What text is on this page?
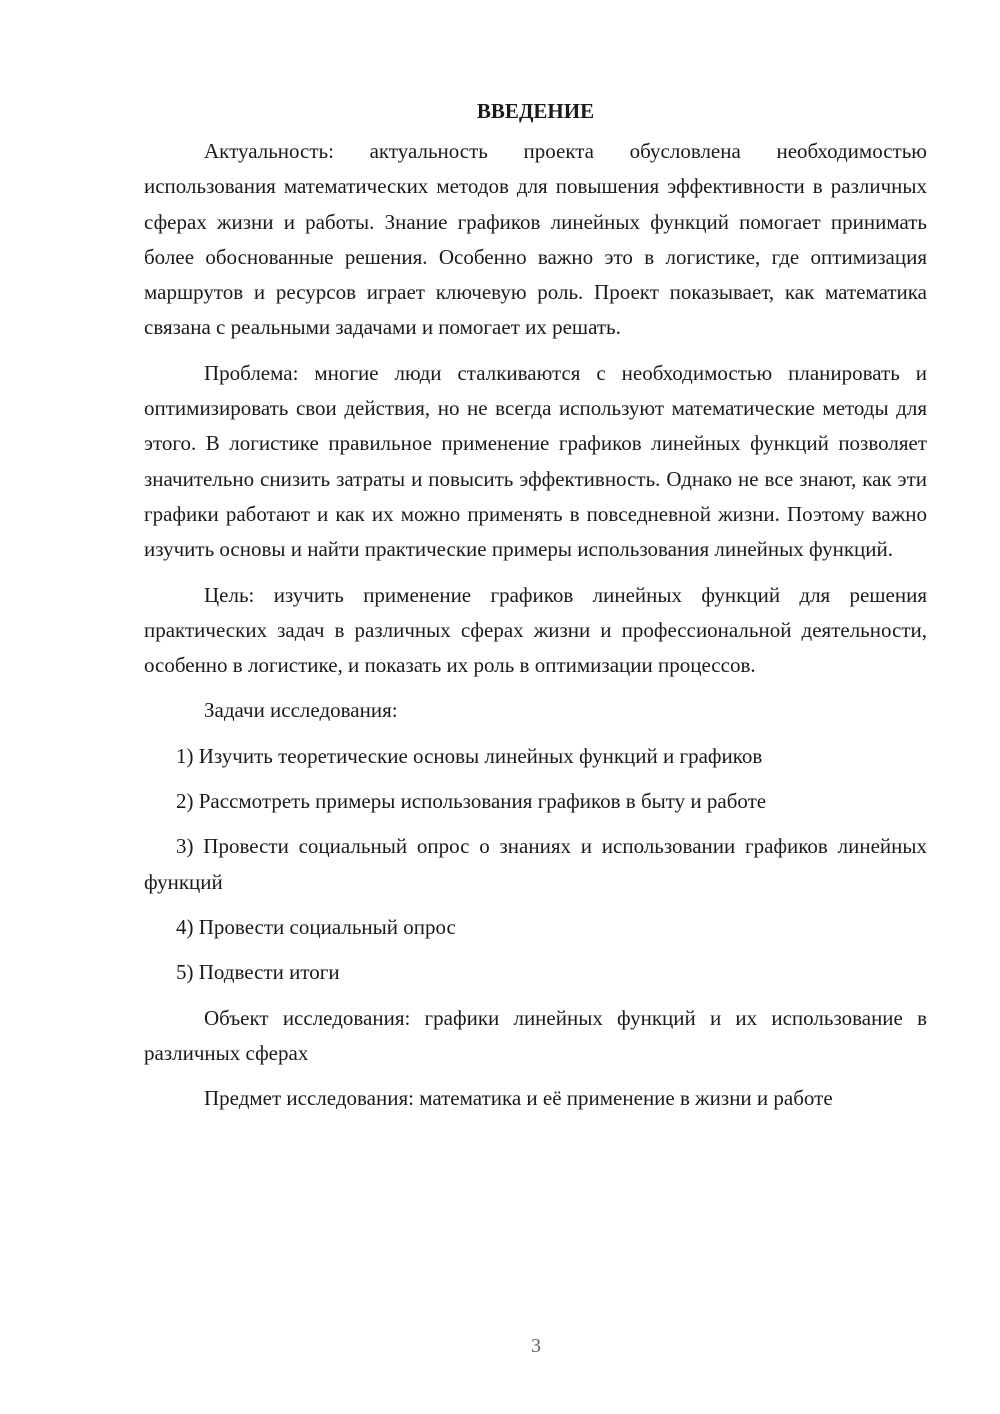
ВВЕДЕНИЕ

Актуальность: актуальность проекта обусловлена необходимостью использования математических методов для повышения эффективности в различных сферах жизни и работы. Знание графиков линейных функций помогает принимать более обоснованные решения. Особенно важно это в логистике, где оптимизация маршрутов и ресурсов играет ключевую роль. Проект показывает, как математика связана с реальными задачами и помогает их решать.

Проблема: многие люди сталкиваются с необходимостью планировать и оптимизировать свои действия, но не всегда используют математические методы для этого. В логистике правильное применение графиков линейных функций позволяет значительно снизить затраты и повысить эффективность. Однако не все знают, как эти графики работают и как их можно применять в повседневной жизни. Поэтому важно изучить основы и найти практические примеры использования линейных функций.

Цель: изучить применение графиков линейных функций для решения практических задач в различных сферах жизни и профессиональной деятельности, особенно в логистике, и показать их роль в оптимизации процессов.

Задачи исследования:

1) Изучить теоретические основы линейных функций и графиков

2) Рассмотреть примеры использования графиков в быту и работе

3) Провести социальный опрос о знаниях и использовании графиков линейных функций

4) Провести социальный опрос

5) Подвести итоги

Объект исследования: графики линейных функций и их использование в различных сферах

Предмет исследования: математика и её применение в жизни и работе

3
